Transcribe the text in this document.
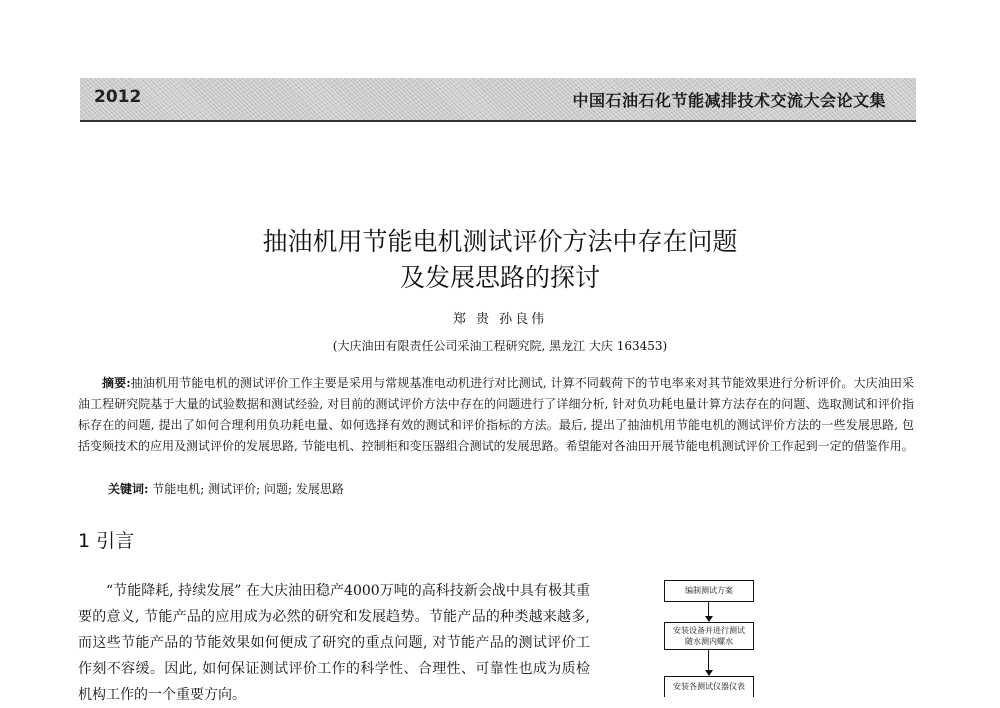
2012	中国石油石化节能减排技术交流大会论文集
抽油机用节能电机测试评价方法中存在问题
及发展思路的探讨
郑 贵 孙良伟
(大庆油田有限责任公司采油工程研究院, 黑龙江 大庆 163453)
摘要:抽油机用节能电机的测试评价工作主要是采用与常规基准电动机进行对比测试, 计算不同载荷下的节电率来对其节能效果进行分析评价。大庆油田采油工程研究院基于大量的试验数据和测试经验, 对目前的测试评价方法中存在的问题进行了详细分析, 针对负功耗电量计算方法存在的问题、选取测试和评价指标存在的问题, 提出了如何合理利用负功耗电量、如何选择有效的测试和评价指标的方法。最后, 提出了抽油机用节能电机的测试评价方法的一些发展思路, 包括变频技术的应用及测试评价的发展思路, 节能电机、控制柜和变压器组合测试的发展思路。希望能对各油田开展节能电机测试评价工作起到一定的借鉴作用。
关键词: 节能电机; 测试评价; 问题; 发展思路
1 引言
“节能降耗, 持续发展” 在大庆油田稳产4000万吨的高科技新会战中具有极其重要的意义, 节能产品的应用成为必然的研究和发展趋势。节能产品的种类越来越多, 而这些节能产品的节能效果如何便成了研究的重点问题, 对节能产品的测试评价工作刻不容缓。因此, 如何保证测试评价工作的科学性、合理性、可靠性也成为质检机构工作的一个重要方向。
编制测试方案
安装设备并进行测试
随水测内螺水
安装各测试仪器仪表
